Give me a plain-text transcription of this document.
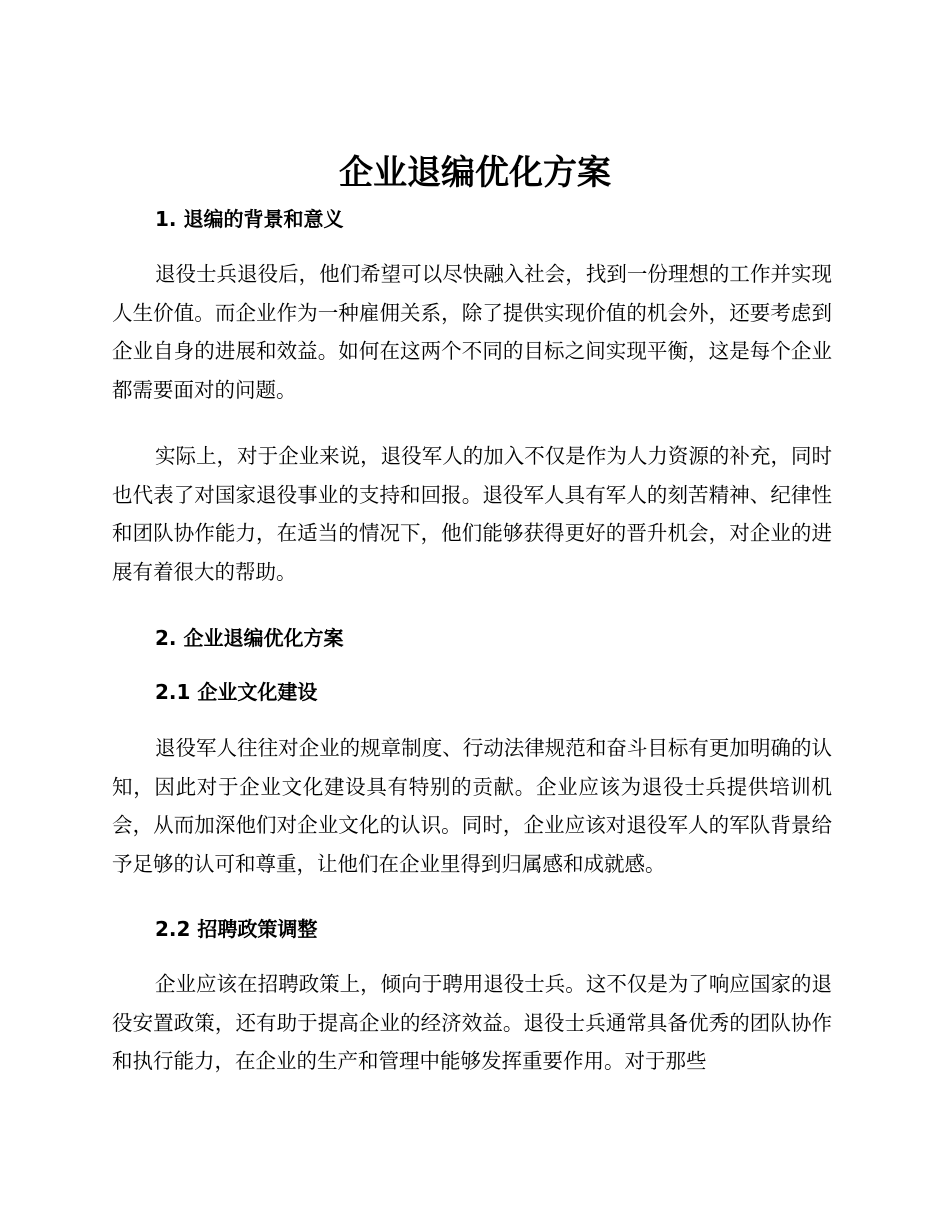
企业退编优化方案
1. 退编的背景和意义
退役士兵退役后，他们希望可以尽快融入社会，找到一份理想的工作并实现人生价值。而企业作为一种雇佣关系，除了提供实现价值的机会外，还要考虑到企业自身的进展和效益。如何在这两个不同的目标之间实现平衡，这是每个企业都需要面对的问题。
实际上，对于企业来说，退役军人的加入不仅是作为人力资源的补充，同时也代表了对国家退役事业的支持和回报。退役军人具有军人的刻苦精神、纪律性和团队协作能力，在适当的情况下，他们能够获得更好的晋升机会，对企业的进展有着很大的帮助。
2. 企业退编优化方案
2.1 企业文化建设
退役军人往往对企业的规章制度、行动法律规范和奋斗目标有更加明确的认知，因此对于企业文化建设具有特别的贡献。企业应该为退役士兵提供培训机会，从而加深他们对企业文化的认识。同时，企业应该对退役军人的军队背景给予足够的认可和尊重，让他们在企业里得到归属感和成就感。
2.2 招聘政策调整
企业应该在招聘政策上，倾向于聘用退役士兵。这不仅是为了响应国家的退役安置政策，还有助于提高企业的经济效益。退役士兵通常具备优秀的团队协作和执行能力，在企业的生产和管理中能够发挥重要作用。对于那些
